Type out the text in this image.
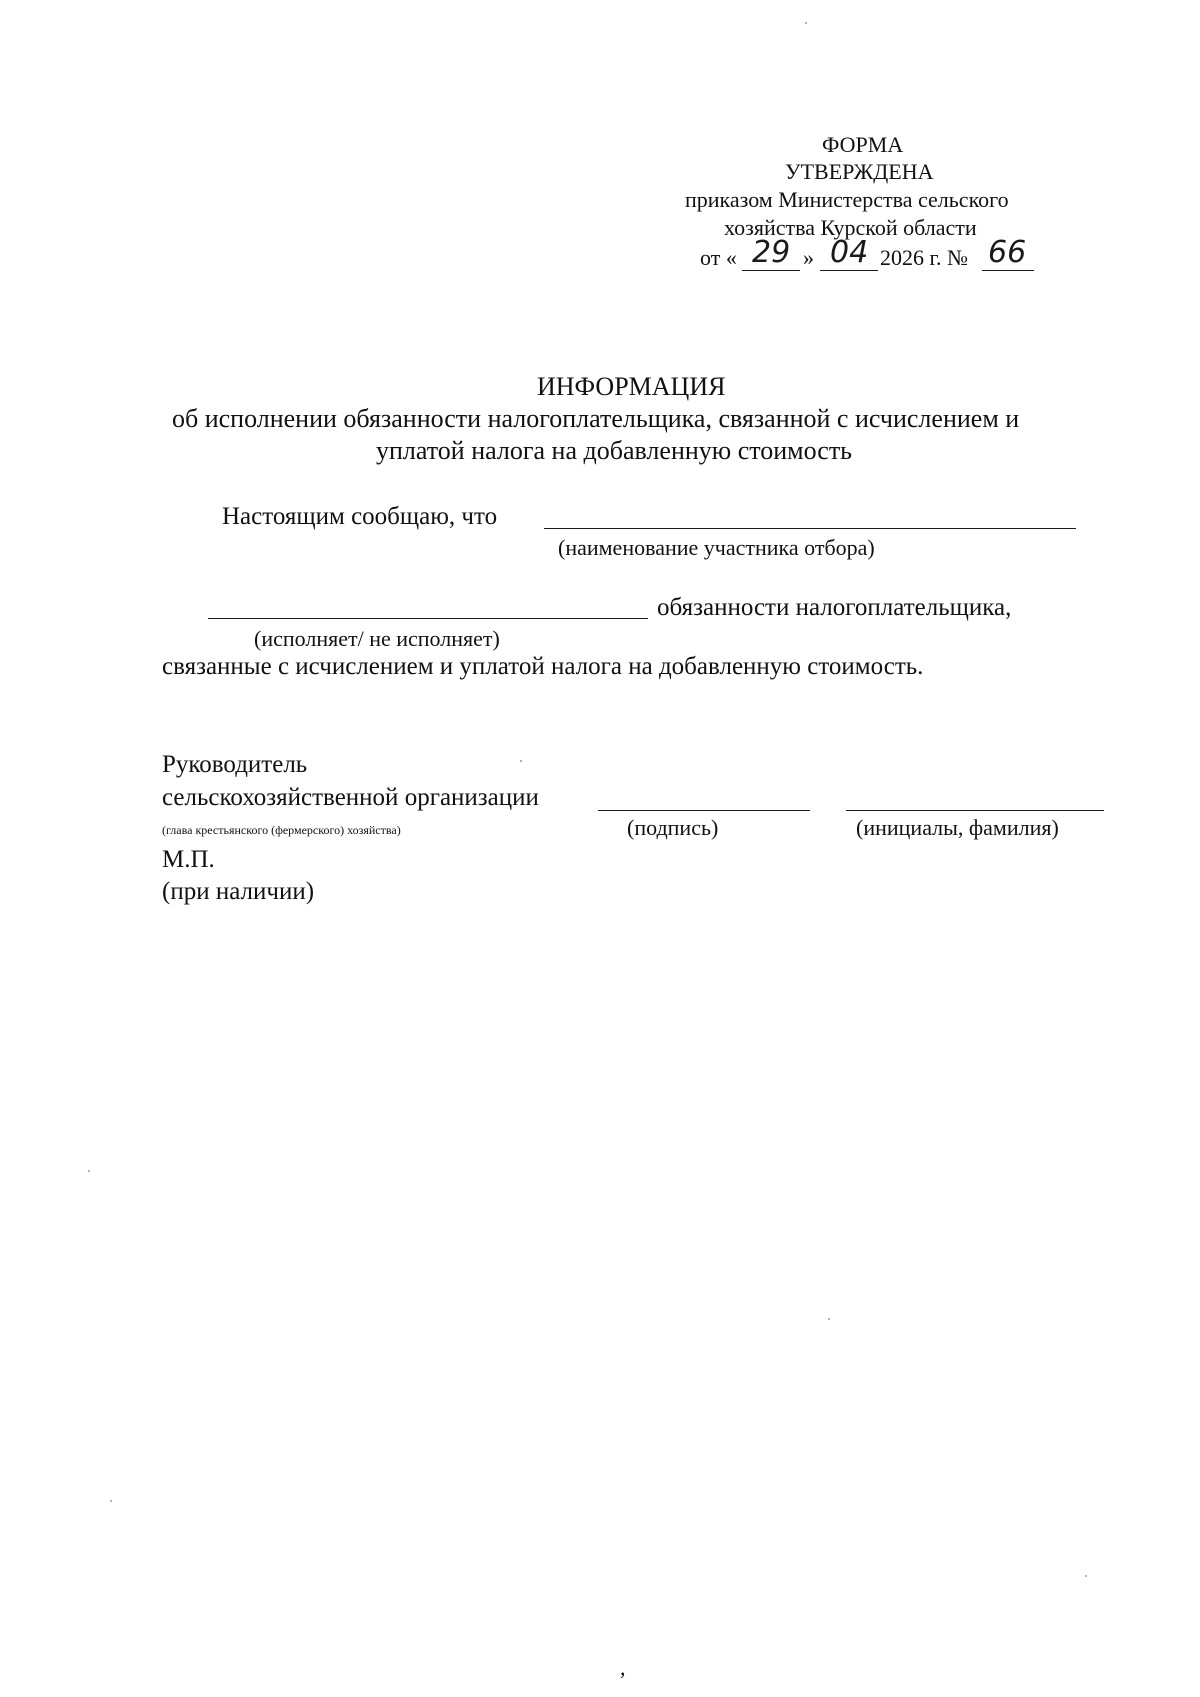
ФОРМА
УТВЕРЖДЕНА
приказом Министерства сельского
хозяйства Курской области
от « 29 » 04 2026 г. № 66
ИНФОРМАЦИЯ
об исполнении обязанности налогоплательщика, связанной с исчислением и
уплатой налога на добавленную стоимость
Настоящим сообщаю, что
(наименование участника отбора)
обязанности налогоплательщика,
(исполняет/ не исполняет)
связанные с исчислением и уплатой налога на добавленную стоимость.
Руководитель
сельскохозяйственной организации
(глава крестьянского (фермерского) хозяйства)	(подпись)	(инициалы, фамилия)
М.П.
(при наличии)
,
